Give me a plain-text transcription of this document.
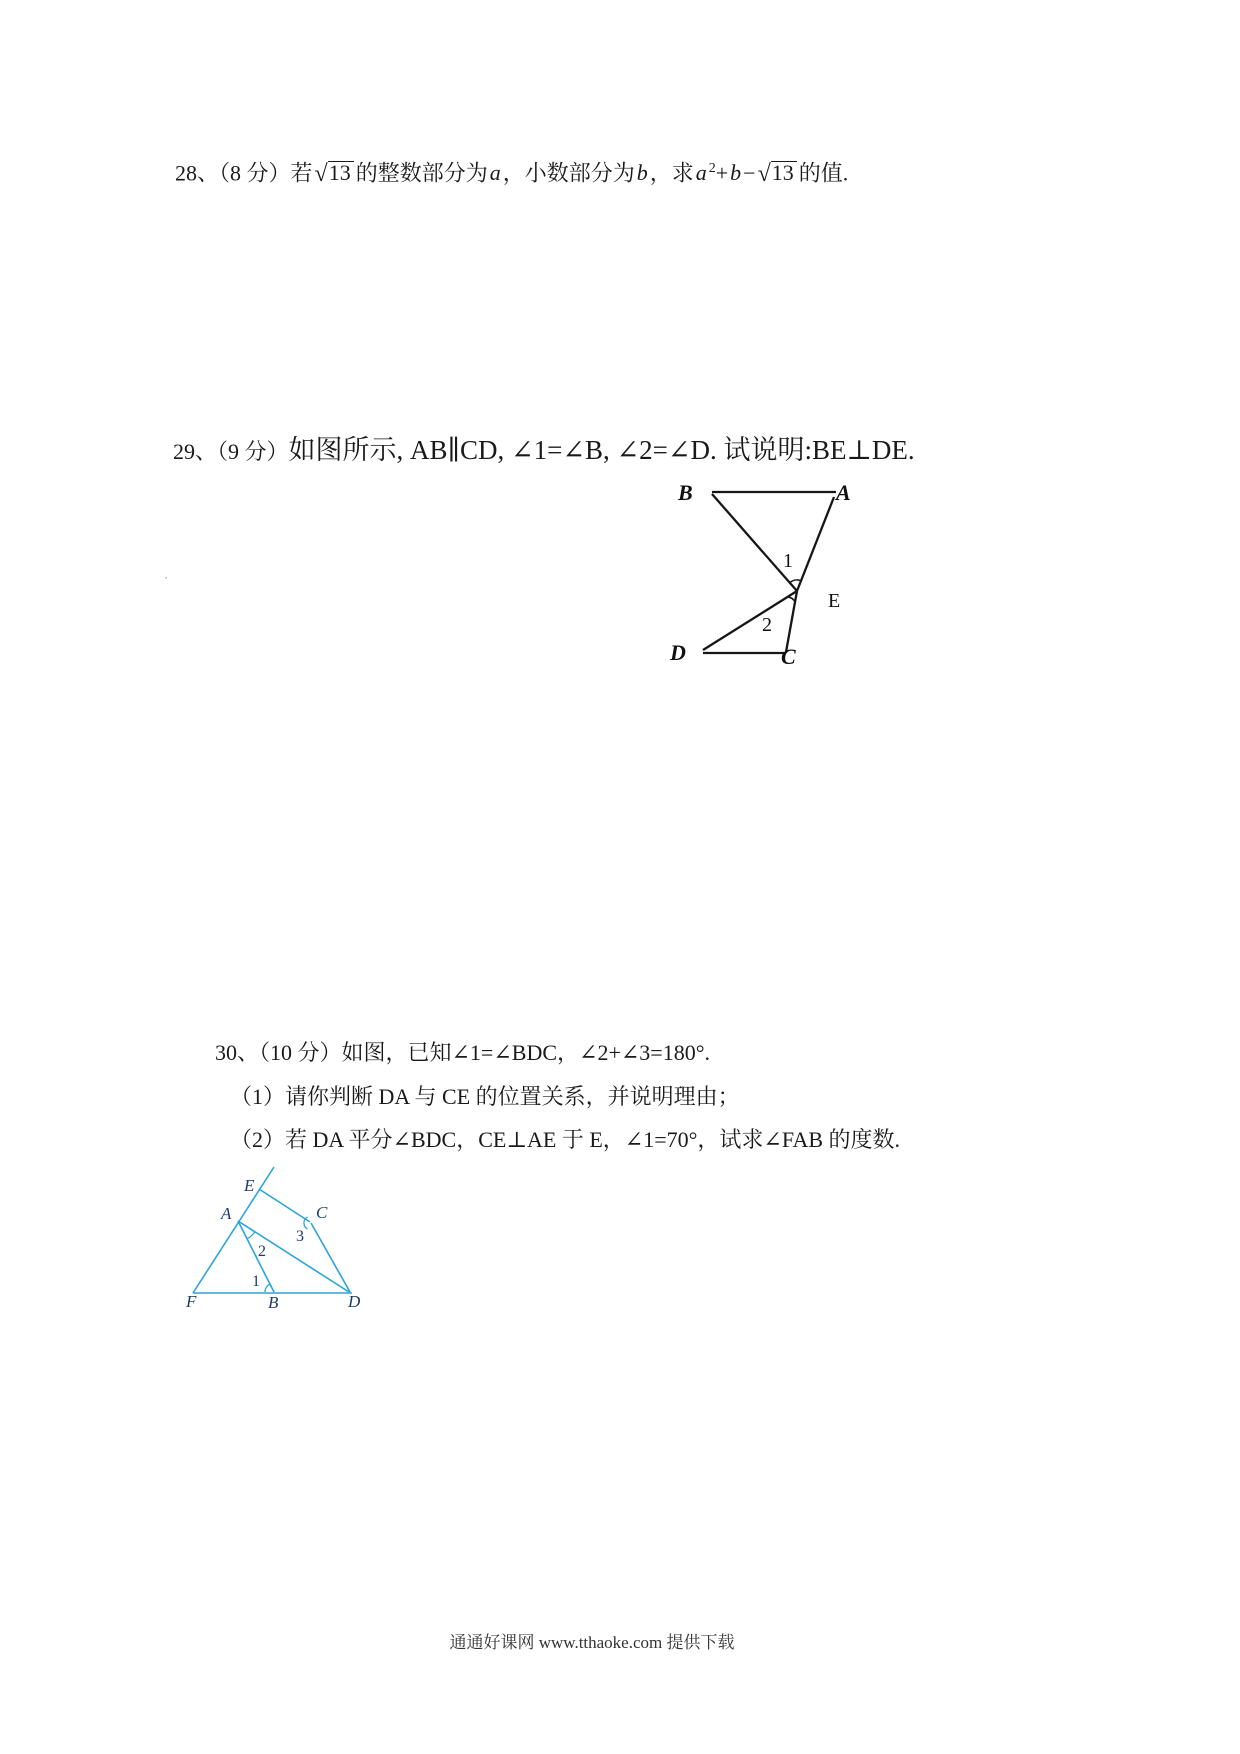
28、（8 分）若√13 的整数部分为a，小数部分为b，求a $^2$+b−√13 的值.
29、（9 分）如图所示, AB∥CD, ∠1=∠B, ∠2=∠D. 试说明:BE⊥DE.
B	A
E
D	C
1
2
·
30、（10 分）如图，已知∠1=∠BDC，∠2+∠3=180°.
（1）请你判断 DA 与 CE 的位置关系，并说明理由；
（2）若 DA 平分∠BDC，CE⊥AE 于 E，∠1=70°，试求∠FAB 的度数.
E
A	C
F	B	D
3
2
1
通通好课网 www.tthaoke.com 提供下载
